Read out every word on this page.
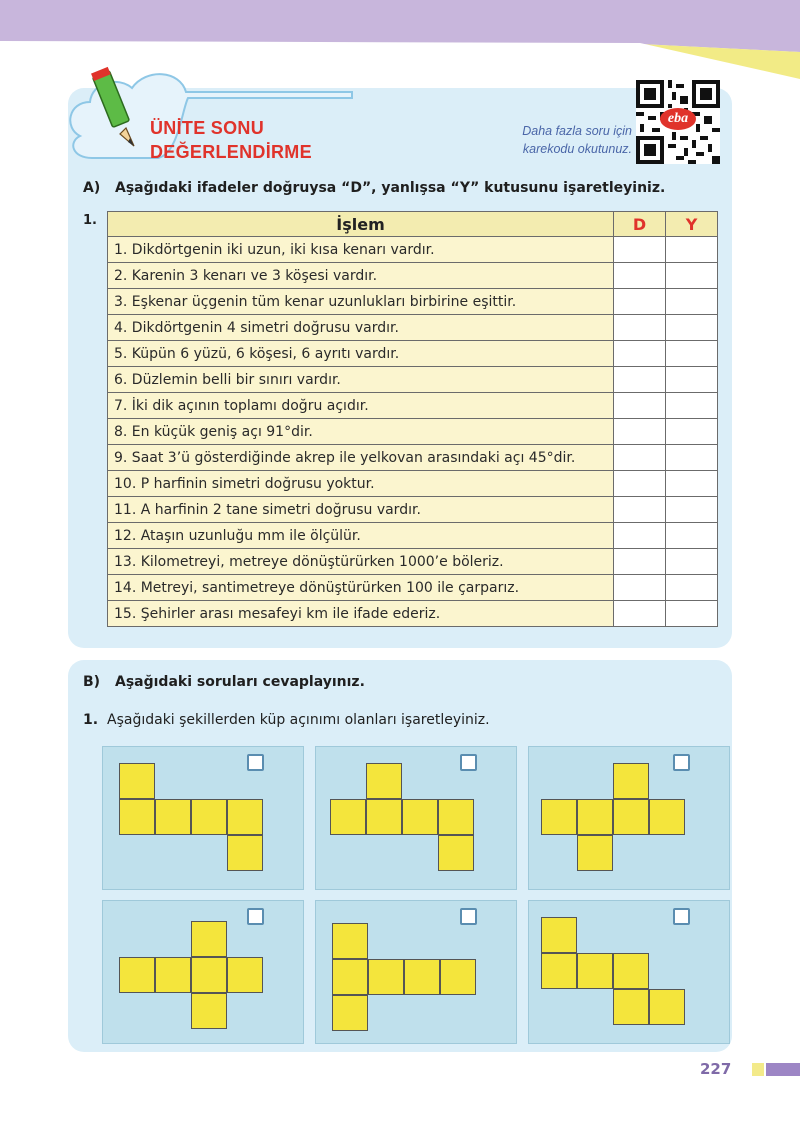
ÜNİTE SONU
DEĞERLENDİRME
Daha fazla soru için
karekodu okutunuz.
eba

A) Aşağıdaki ifadeler doğruysa “D”, yanlışsa “Y” kutusunu işaretleyiniz.

1.	İşlem	D	Y
1. Dikdörtgenin iki uzun, iki kısa kenarı vardır.		
2. Karenin 3 kenarı ve 3 köşesi vardır.		
3. Eşkenar üçgenin tüm kenar uzunlukları birbirine eşittir.		
4. Dikdörtgenin 4 simetri doğrusu vardır.		
5. Küpün 6 yüzü, 6 köşesi, 6 ayrıtı vardır.		
6. Düzlemin belli bir sınırı vardır.		
7. İki dik açının toplamı doğru açıdır.		
8. En küçük geniş açı 91°dir.		
9. Saat 3’ü gösterdiğinde akrep ile yelkovan arasındaki açı 45°dir.		
10. P harfinin simetri doğrusu yoktur.		
11. A harfinin 2 tane simetri doğrusu vardır.		
12. Ataşın uzunluğu mm ile ölçülür.		
13. Kilometreyi, metreye dönüştürürken 1000’e böleriz.		
14. Metreyi, santimetreye dönüştürürken 100 ile çarparız.		
15. Şehirler arası mesafeyi km ile ifade ederiz.		

B) Aşağıdaki soruları cevaplayınız.

1. Aşağıdaki şekillerden küp açınımı olanları işaretleyiniz.
227
